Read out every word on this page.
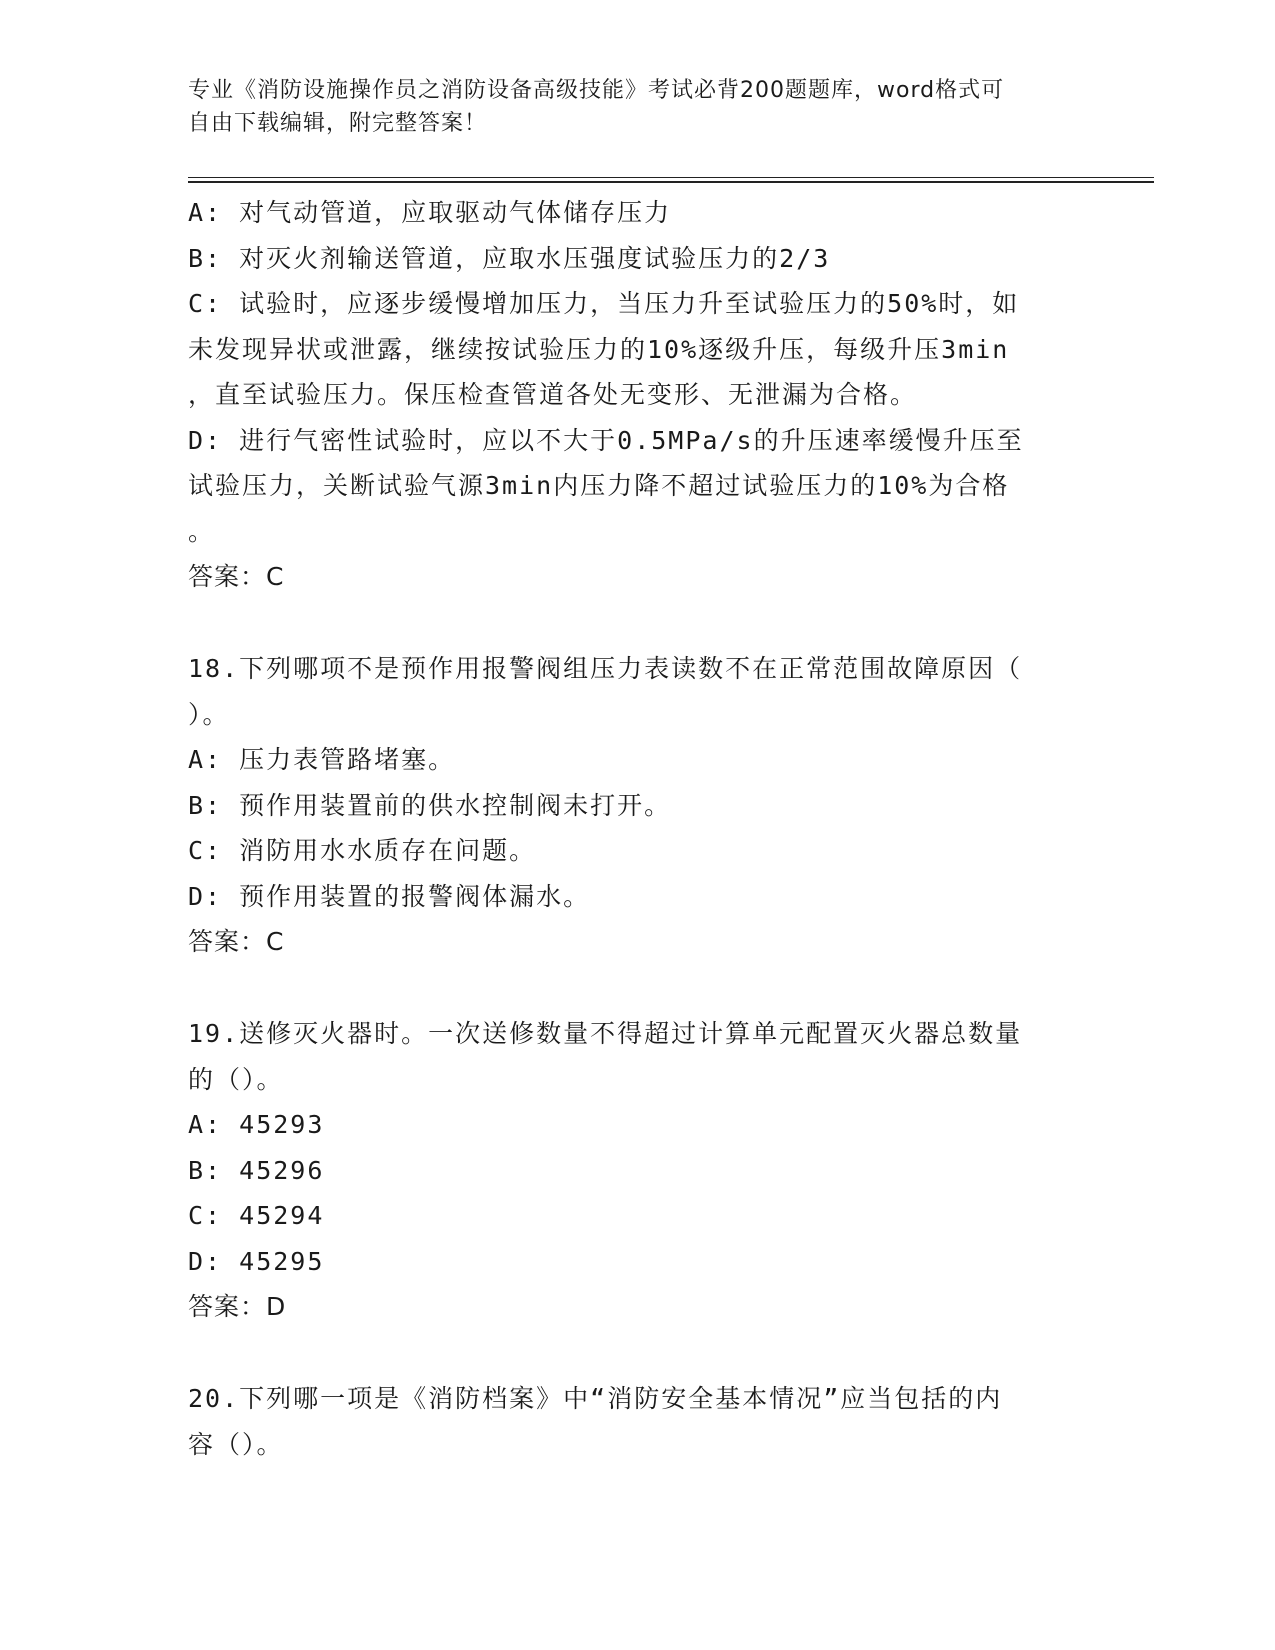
专业《消防设施操作员之消防设备高级技能》考试必背200题题库，word格式可
自由下载编辑，附完整答案！
A: 对气动管道，应取驱动气体储存压力
B: 对灭火剂输送管道，应取水压强度试验压力的2/3
C: 试验时，应逐步缓慢增加压力，当压力升至试验压力的50%时，如
未发现异状或泄露，继续按试验压力的10%逐级升压，每级升压3min
，直至试验压力。保压检查管道各处无变形、无泄漏为合格。
D: 进行气密性试验时，应以不大于0.5MPa/s的升压速率缓慢升压至
试验压力，关断试验气源3min内压力降不超过试验压力的10%为合格
。
答案：C
18.下列哪项不是预作用报警阀组压力表读数不在正常范围故障原因（
）。
A: 压力表管路堵塞。
B: 预作用装置前的供水控制阀未打开。
C: 消防用水水质存在问题。
D: 预作用装置的报警阀体漏水。
答案：C
19.送修灭火器时。一次送修数量不得超过计算单元配置灭火器总数量
的（）。
A: 45293
B: 45296
C: 45294
D: 45295
答案：D
20.下列哪一项是《消防档案》中“消防安全基本情况”应当包括的内
容（）。
